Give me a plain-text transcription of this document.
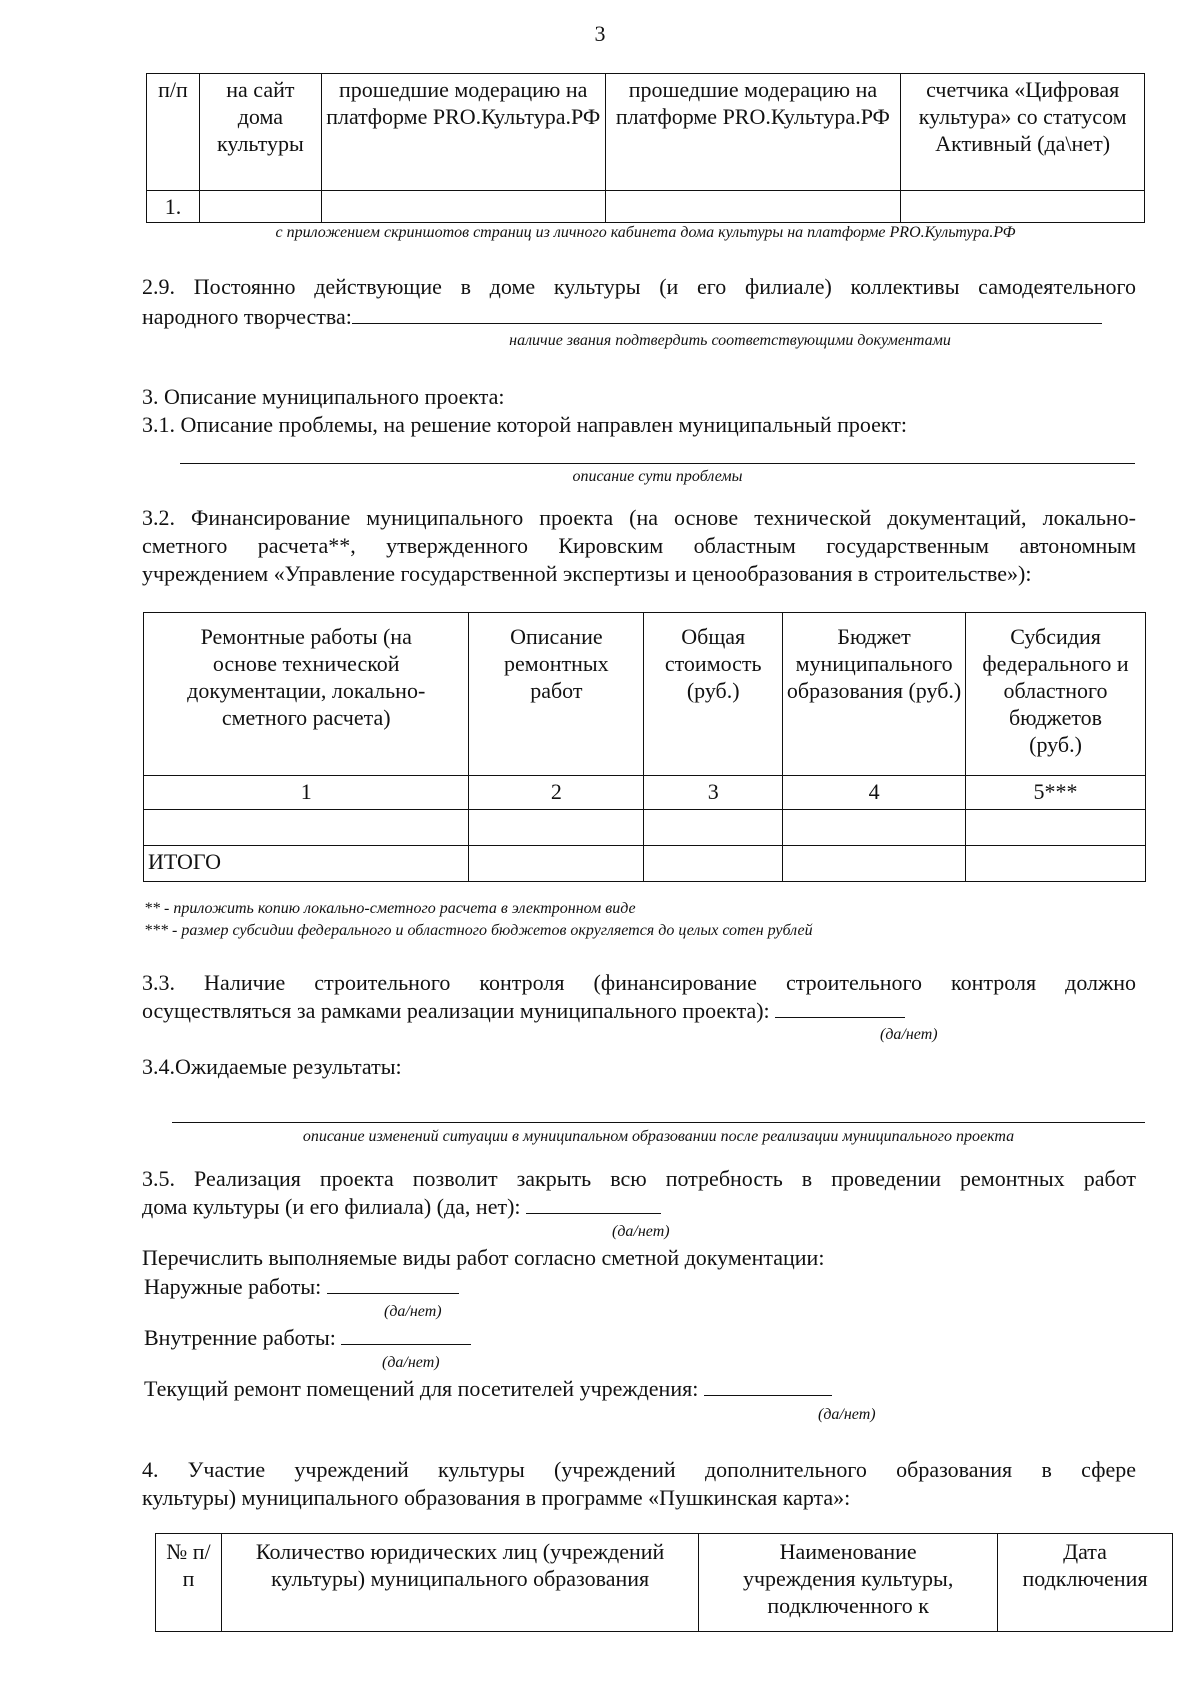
3
п/п	на сайт дома культуры	прошедшие модерацию на платформе PRO.Культура.РФ	прошедшие модерацию на платформе PRO.Культура.РФ	счетчика «Цифровая культура» со статусом Активный (да\нет)
1.				
с приложением скриншотов страниц из личного кабинета дома культуры на платформе PRO.Культура.РФ
2.9. Постоянно действующие в доме культуры (и его филиале) коллективы самодеятельного
народного творчества:
наличие звания подтвердить соответствующими документами
3. Описание муниципального проекта:
3.1. Описание проблемы, на решение которой направлен муниципальный проект:
описание сути проблемы
3.2. Финансирование муниципального проекта (на основе технической документаций, локально-
сметного расчета**, утвержденного Кировским областным государственным автономным
учреждением «Управление государственной экспертизы и ценообразования в строительстве»):
Ремонтные работы (на основе технической документации, локально-сметного расчета)	Описание ремонтных работ	Общая стоимость (руб.)	Бюджет муниципального образования (руб.)	Субсидия федерального и областного бюджетов (руб.)
1	2	3	4	5***

ИТОГО				
** - приложить копию локально-сметного расчета в электронном виде
*** - размер субсидии федерального и областного бюджетов округляется до целых сотен рублей
3.3. Наличие строительного контроля (финансирование строительного контроля должно
осуществляться за рамками реализации муниципального проекта):
(да/нет)
3.4.Ожидаемые результаты:
описание изменений ситуации в муниципальном образовании после реализации муниципального проекта
3.5. Реализация проекта позволит закрыть всю потребность в проведении ремонтных работ
дома культуры (и его филиала) (да, нет):
(да/нет)
Перечислить выполняемые виды работ согласно сметной документации:
Наружные работы:
(да/нет)
Внутренние работы:
(да/нет)
Текущий ремонт помещений для посетителей учреждения:
(да/нет)
4. Участие учреждений культуры (учреждений дополнительного образования в сфере
культуры) муниципального образования в программе «Пушкинская карта»:
№ п/п	Количество юридических лиц (учреждений культуры) муниципального образования	Наименование учреждения культуры, подключенного к	Дата подключения
